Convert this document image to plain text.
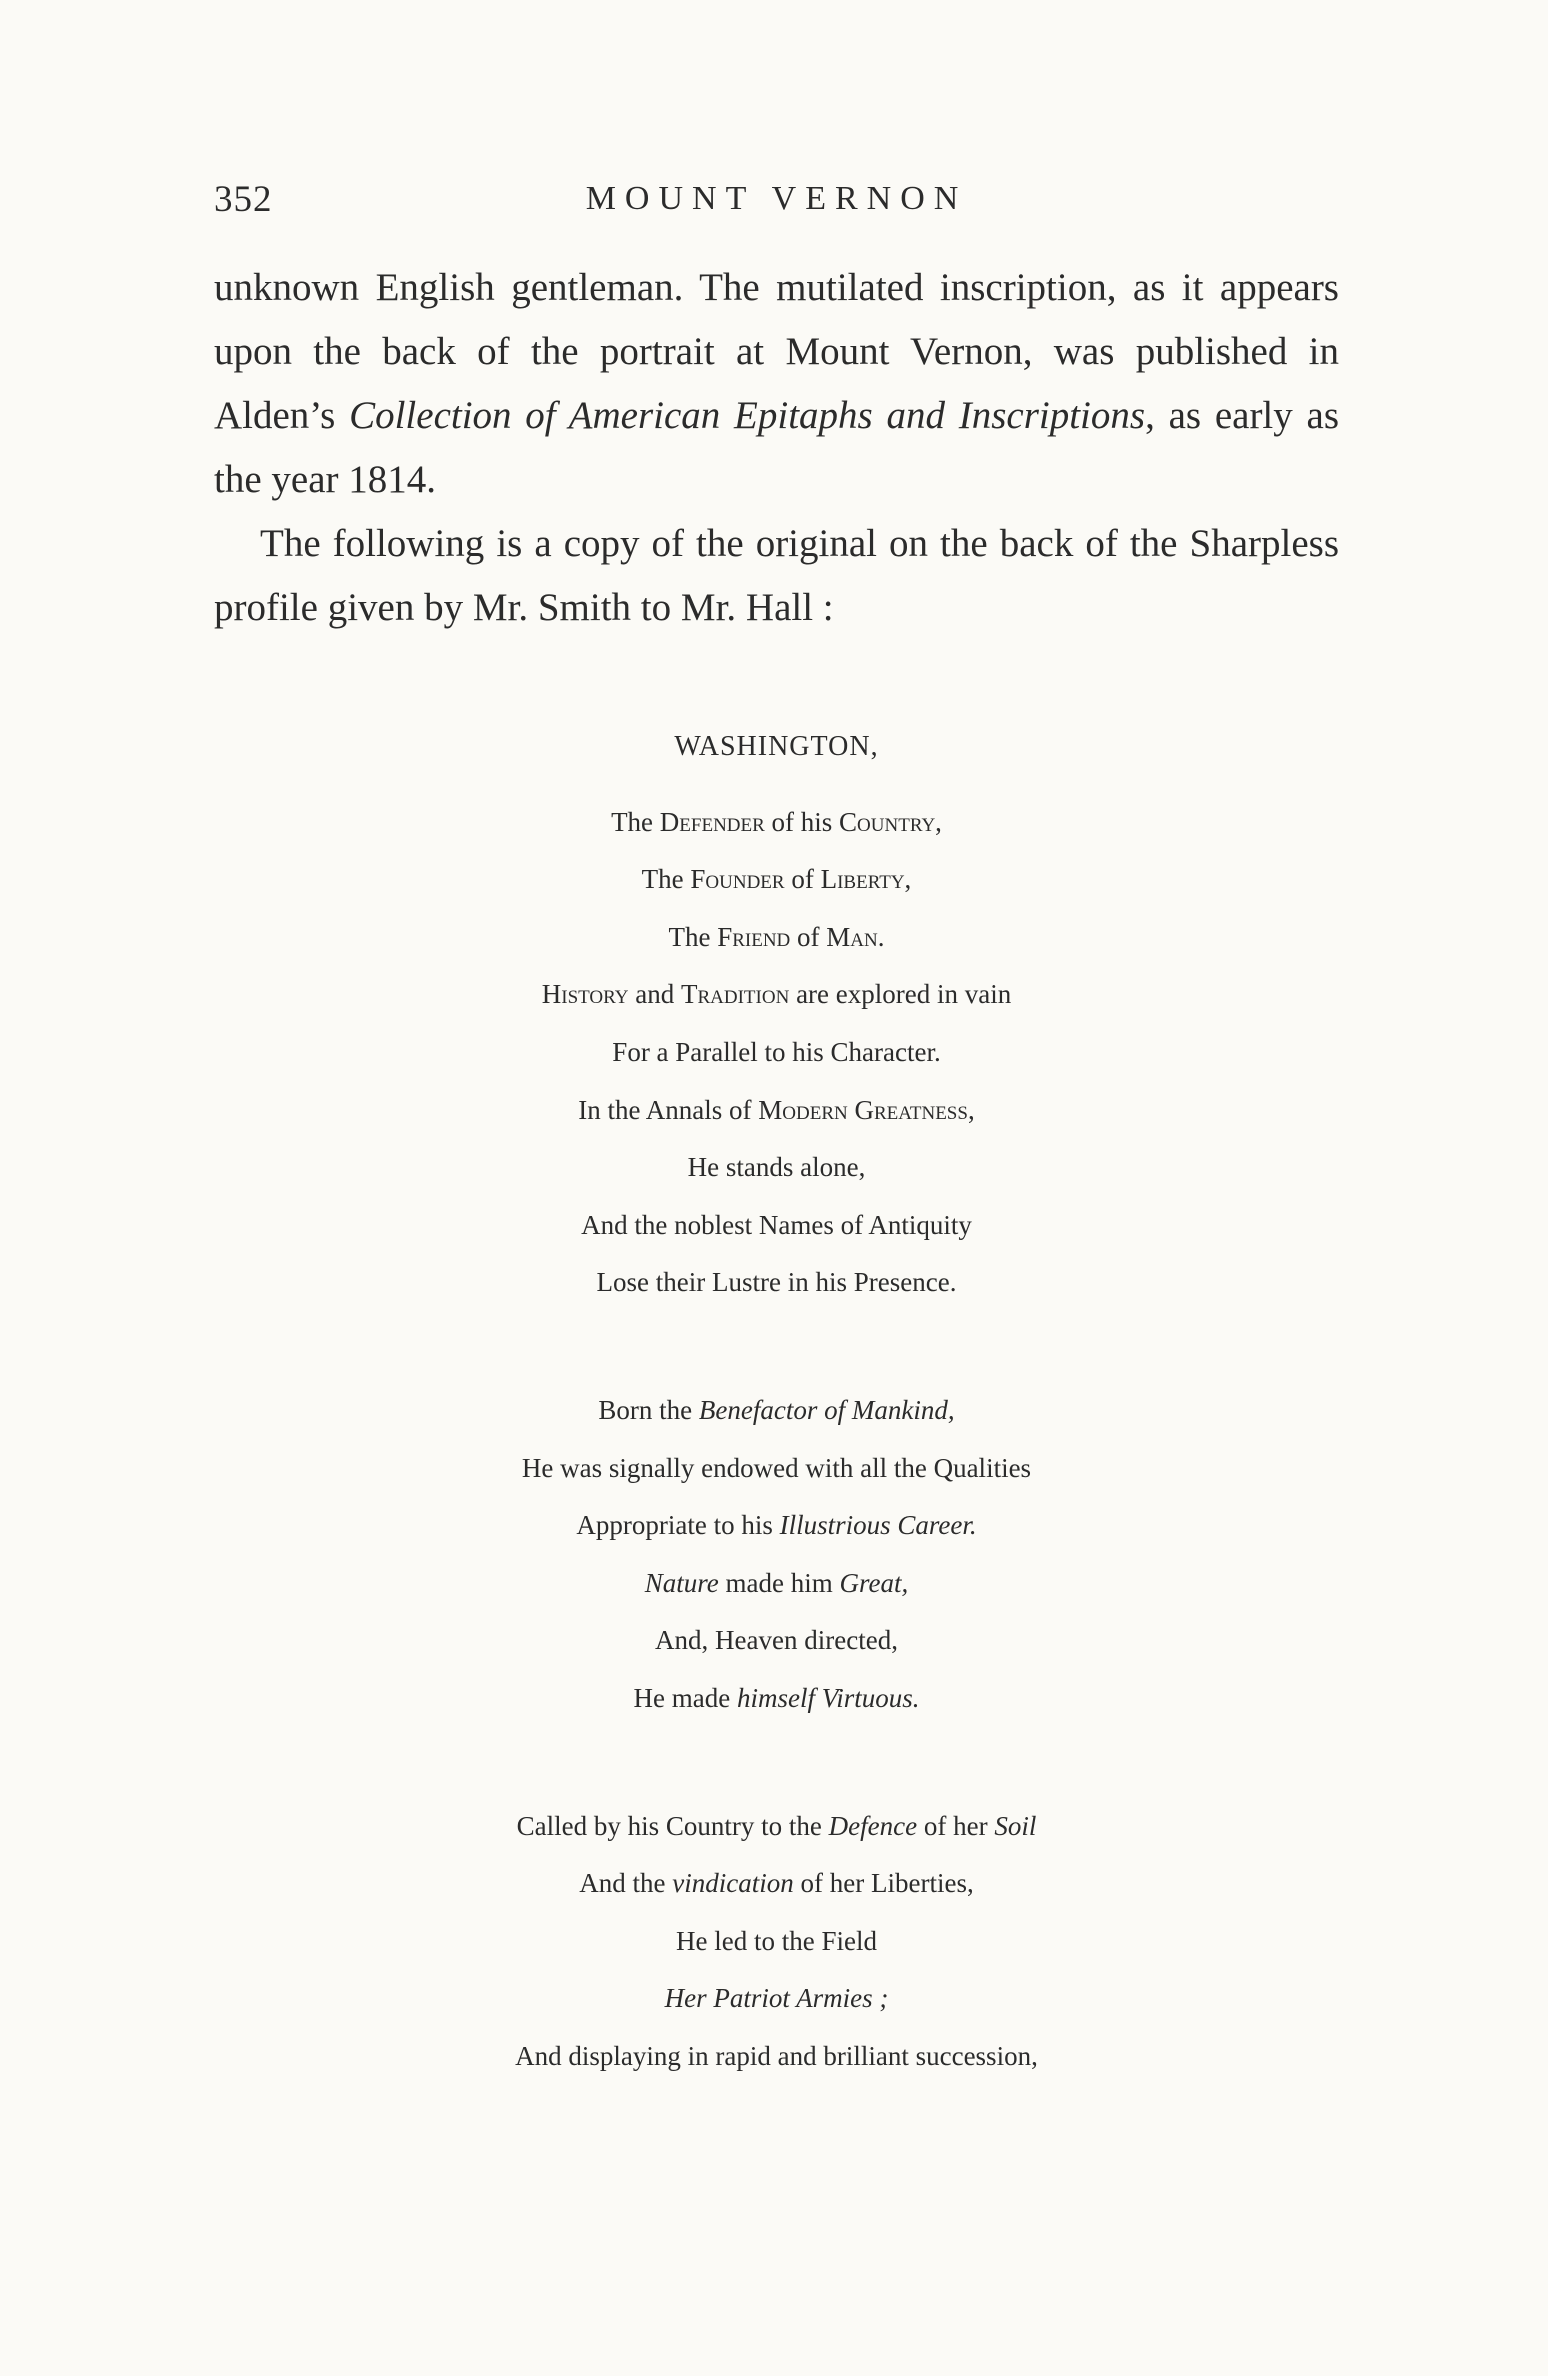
352	MOUNT VERNON

unknown English gentleman. The mutilated inscription, as it appears upon the back of the portrait at Mount Vernon, was published in Alden’s Collection of American Epitaphs and Inscriptions, as early as the year 1814.

The following is a copy of the original on the back of the Sharpless profile given by Mr. Smith to Mr. Hall :

WASHINGTON,
The Defender of his Country,
The Founder of Liberty,
The Friend of Man.
History and Tradition are explored in vain
For a Parallel to his Character.
In the Annals of Modern Greatness,
He stands alone,
And the noblest Names of Antiquity
Lose their Lustre in his Presence.
Born the Benefactor of Mankind,
He was signally endowed with all the Qualities
Appropriate to his Illustrious Career.
Nature made him Great,
And, Heaven directed,
He made himself Virtuous.
Called by his Country to the Defence of her Soil
And the vindication of her Liberties,
He led to the Field
Her Patriot Armies ;
And displaying in rapid and brilliant succession,
